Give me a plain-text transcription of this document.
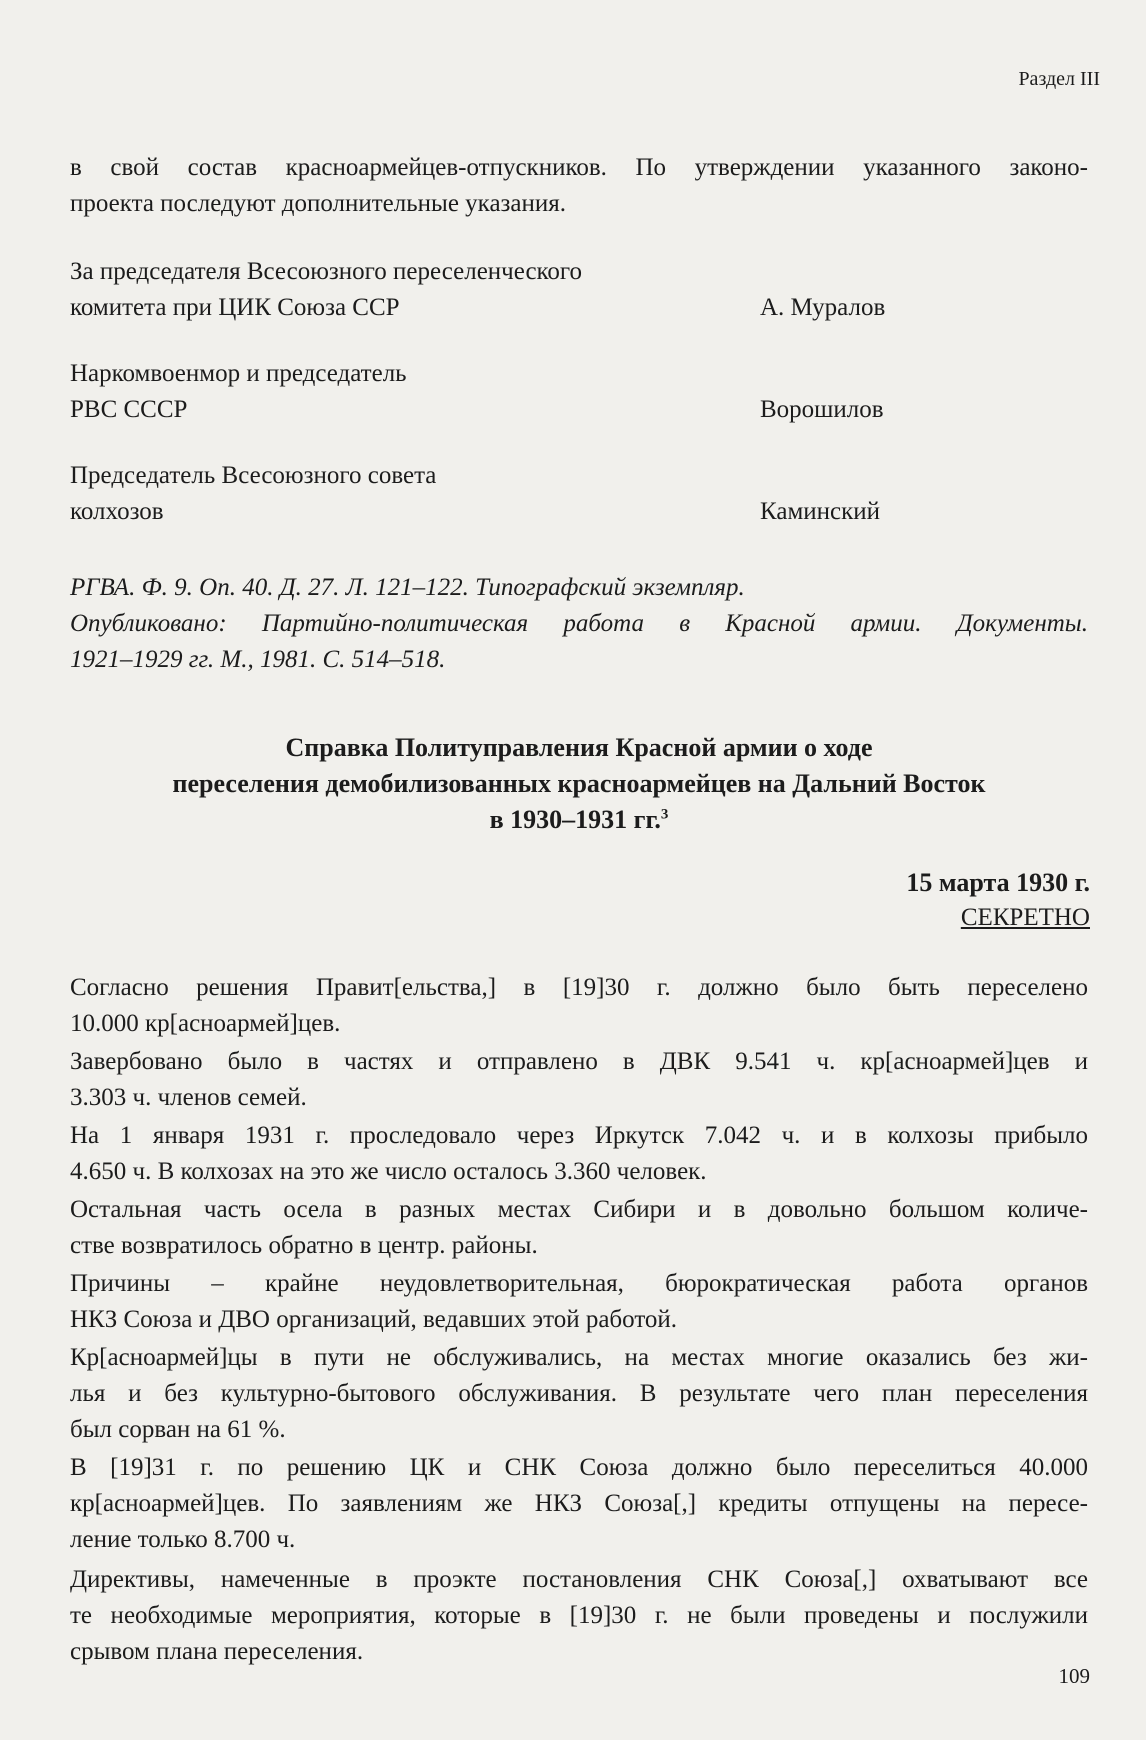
Раздел III
в свой состав красноармейцев-отпускников. По утверждении указанного законо-
проекта последуют дополнительные указания.
За председателя Всесоюзного переселенческого
комитета при ЦИК Союза ССР	А. Муралов
Наркомвоенмор и председатель
РВС СССР	Ворошилов
Председатель Всесоюзного совета
колхозов	Каминский
РГВА. Ф. 9. Оп. 40. Д. 27. Л. 121–122. Типографский экземпляр.
Опубликовано: Партийно-политическая работа в Красной армии. Документы.
1921–1929 гг. М., 1981. С. 514–518.
Справка Политуправления Красной армии о ходе
переселения демобилизованных красноармейцев на Дальний Восток
в 1930–1931 гг.$^3$
15 марта 1930 г.
СЕКРЕТНО
Согласно решения Правит[ельства,] в [19]30 г. должно было быть переселено
10.000 кр[асноармей]цев.
Завербовано было в частях и отправлено в ДВК 9.541 ч. кр[асноармей]цев и
3.303 ч. членов семей.
На 1 января 1931 г. проследовало через Иркутск 7.042 ч. и в колхозы прибыло
4.650 ч. В колхозах на это же число осталось 3.360 человек.
Остальная часть осела в разных местах Сибири и в довольно большом количе-
стве возвратилось обратно в центр. районы.
Причины – крайне неудовлетворительная, бюрократическая работа органов
НКЗ Союза и ДВО организаций, ведавших этой работой.
Кр[асноармей]цы в пути не обслуживались, на местах многие оказались без жи-
лья и без культурно-бытового обслуживания. В результате чего план переселения
был сорван на 61 %.
В [19]31 г. по решению ЦК и СНК Союза должно было переселиться 40.000
кр[асноармей]цев. По заявлениям же НКЗ Союза[,] кредиты отпущены на пересе-
ление только 8.700 ч.
Директивы, намеченные в проэкте постановления СНК Союза[,] охватывают все
те необходимые мероприятия, которые в [19]30 г. не были проведены и послужили
срывом плана переселения.
109
